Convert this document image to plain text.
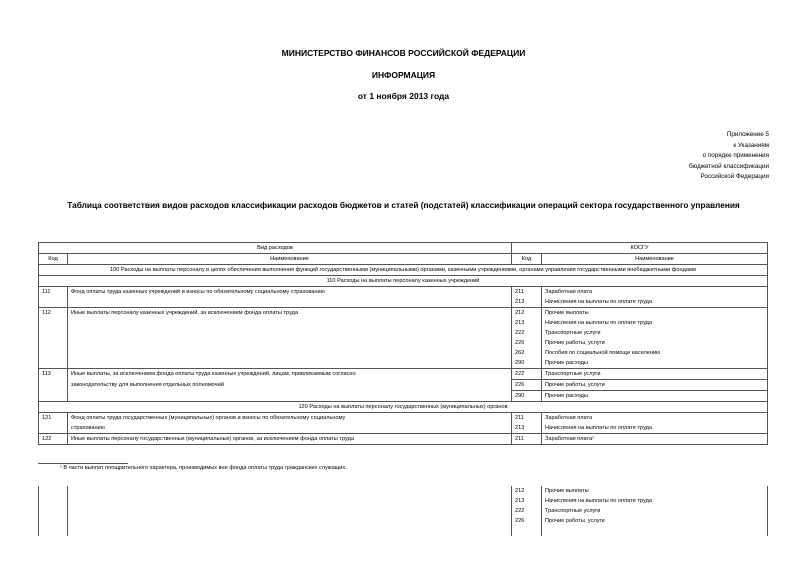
МИНИСТЕРСТВО ФИНАНСОВ РОССИЙСКОЙ ФЕДЕРАЦИИ
ИНФОРМАЦИЯ
от 1 ноября 2013 года
Приложение 5
к Указаниям
о порядке применения
бюджетной классификации
Российской Федерации
Таблица соответствия видов расходов классификации расходов бюджетов и статей (подстатей) классификации операций сектора государственного управления
Вид расходов		КОСГУ	
Код	Наименование	Код	Наименование
100 Расходы на выплаты персоналу в целях обеспечения выполнения функций государственными (муниципальными) органами, казенными учреждениями, органами управления государственными внебюджетными фондами			
110 Расходы на выплаты персоналу казенных учреждений			
111	Фонд оплаты труда казенных учреждений и взносы по обязательному социальному страхованию	211	Заработная плата
		213	Начисления на выплаты по оплате труда
112	Иные выплаты персоналу казенных учреждений, за исключением фонда оплаты труда	212	Прочие выплаты
		213	Начисления на выплаты по оплате труда
		222	Транспортные услуги
		226	Прочие работы, услуги
		262	Пособия по социальной помощи населению
		290	Прочие расходы
113	Иные выплаты, за исключением фонда оплаты труда казенных учреждений, лицам, привлекаемым согласно	222	Транспортные услуги
	законодательству для выполнения отдельных полномочий	226	Прочие работы, услуги
		290	Прочие расходы
120 Расходы на выплаты персоналу государственных (муниципальных) органов			
121	Фонд оплаты труда государственных (муниципальных) органов и взносы по обязательному социальному	211	Заработная плата
	страхованию	213	Начисления на выплаты по оплате труда
122	Иные выплаты персоналу государственных (муниципальных) органов, за исключением фонда оплаты труда	211	Заработная плата¹
¹ В части выплат поощрительного характера, производимых вне фонда оплаты труда гражданских служащих.
		212	Прочие выплаты
		213	Начисления на выплаты по оплате труда
		222	Транспортные услуги
		226	Прочие работы, услуги
